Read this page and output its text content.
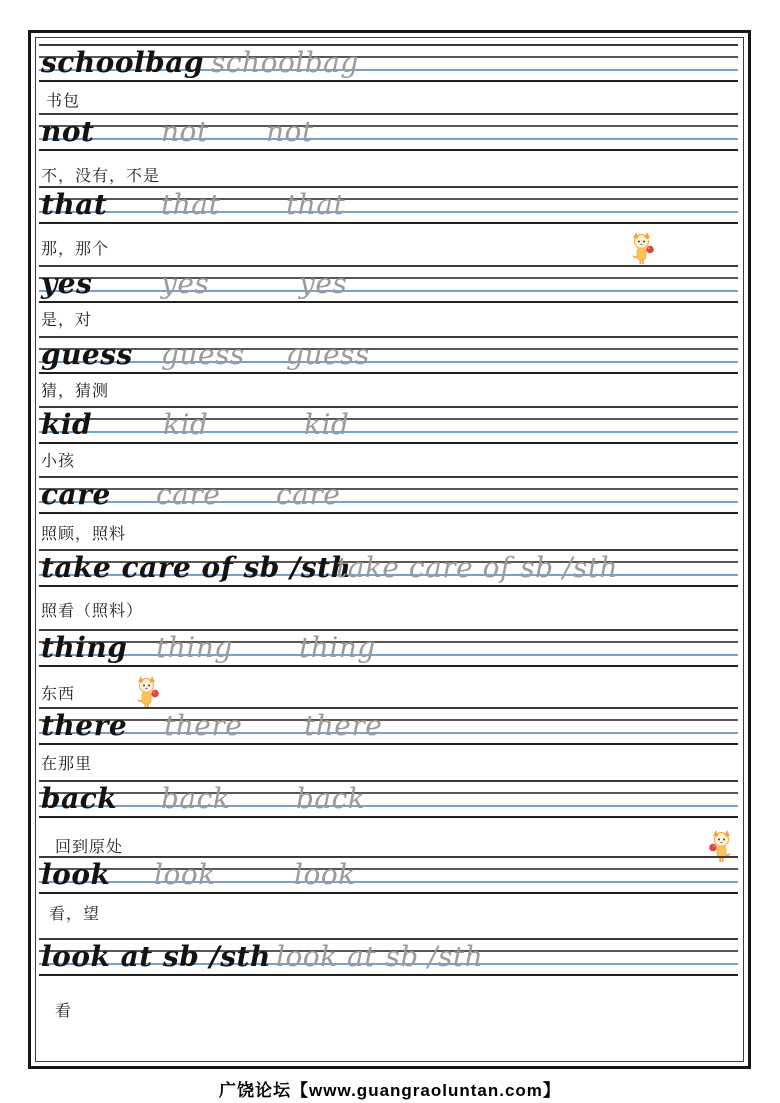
schoolbag schoolbag
书包
not not not
不，没有，不是
that that that
那，那个
yes yes	yes
是，对
guess guess guess
猜，猜测
kid	kid	kid
小孩
care care care
照顾，照料
take care of sb /sth
take care of sb /sth
照看（照料）
thing thing thing
东西
there there there
在那里
back back back
回到原处
look look	look
看，望
look at sb /sth look at sb /sth
看
广饶论坛【www.guangraoluntan.com】
